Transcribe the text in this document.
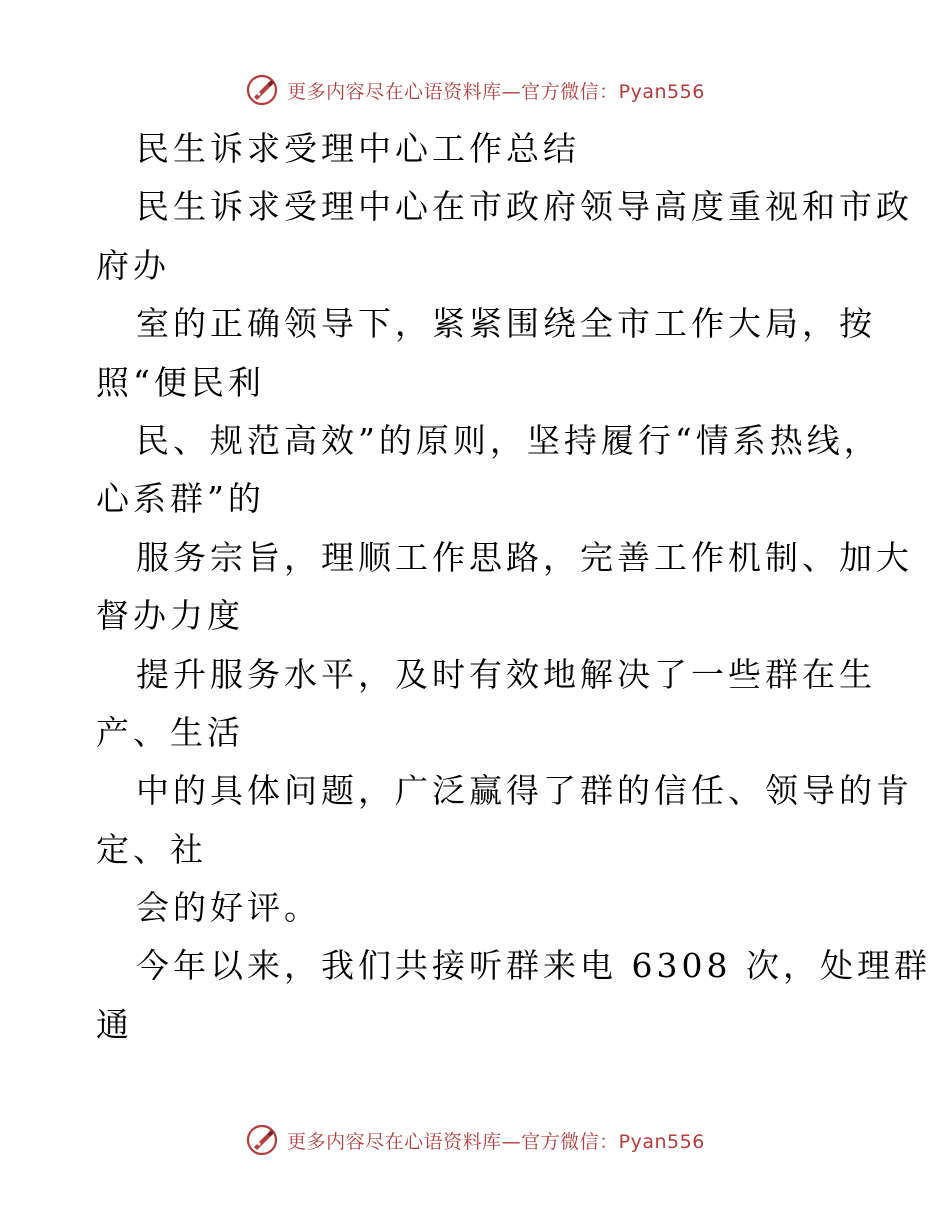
更多内容尽在心语资料库—官方微信：Pyan556
民生诉求受理中心工作总结
民生诉求受理中心在市政府领导高度重视和市政
府办
室的正确领导下，紧紧围绕全市工作大局，按
照“便民利
民、规范高效”的原则，坚持履行“情系热线，
心系群”的
服务宗旨，理顺工作思路，完善工作机制、加大
督办力度
提升服务水平，及时有效地解决了一些群在生
产、生活
中的具体问题，广泛赢得了群的信任、领导的肯
定、社
会的好评。
今年以来，我们共接听群来电 6308 次，处理群
通
更多内容尽在心语资料库—官方微信：Pyan556
